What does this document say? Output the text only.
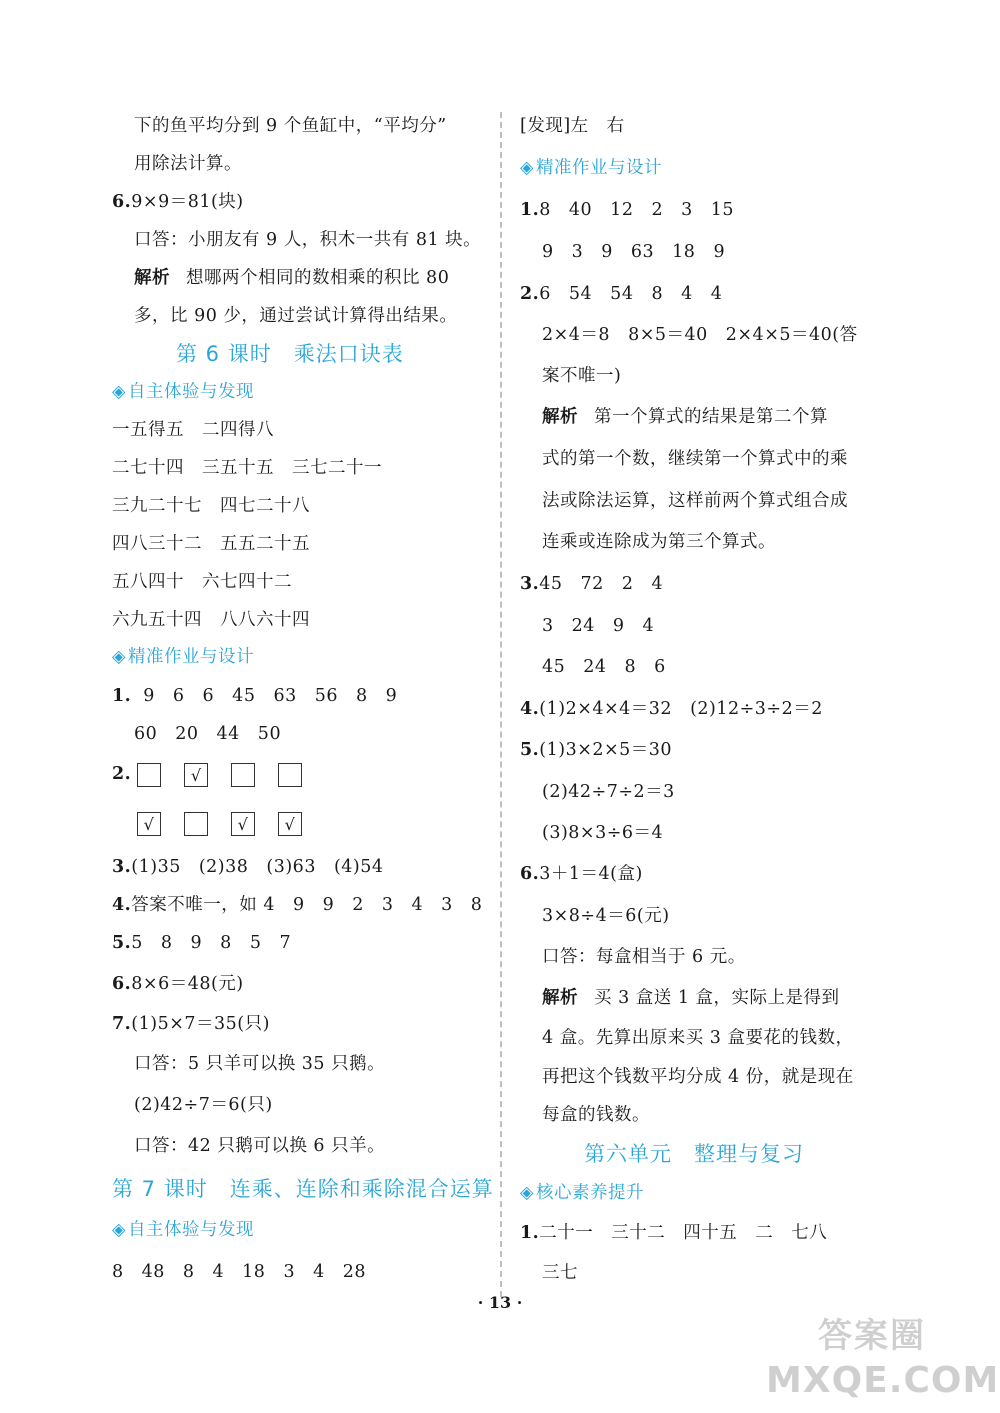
下的鱼平均分到 9 个鱼缸中，“平均分”
用除法计算。
6.9×9＝81(块)
口答：小朋友有 9 人，积木一共有 81 块。
解析 想哪两个相同的数相乘的积比 80
多，比 90 少，通过尝试计算得出结果。
第 6 课时　乘法口诀表
◈ 自主体验与发现
一五得五　二四得八
二七十四　三五十五　三七二十一
三九二十七　四七二十八
四八三十二　五五二十五
五八四十　六七四十二
六九五十四　八八六十四
◈ 精准作业与设计
1. 9　6　6　45　63　56　8　9
60　20　44　50
2.	√
√	√ √
3.(1)35　(2)38　(3)63　(4)54
4.答案不唯一，如 4　9　9　2　3　4　3　8
5.5　8　9　8　5　7
6.8×6＝48(元)
7.(1)5×7＝35(只)
口答：5 只羊可以换 35 只鹅。
(2)42÷7＝6(只)
口答：42 只鹅可以换 6 只羊。
第 7 课时　连乘、连除和乘除混合运算
◈ 自主体验与发现
8　48　8　4　18　3　4　28
[发现]左　右
◈ 精准作业与设计
1.8　40　12　2　3　15
9　3　9　63　18　9
2.6　54　54　8　4　4
2×4＝8　8×5＝40　2×4×5＝40(答
案不唯一)
解析 第一个算式的结果是第二个算
式的第一个数，继续第一个算式中的乘
法或除法运算，这样前两个算式组合成
连乘或连除成为第三个算式。
3.45　72　2　4
3　24　9　4
45　24　8　6
4.(1)2×4×4＝32　(2)12÷3÷2＝2
5.(1)3×2×5＝30
(2)42÷7÷2＝3
(3)8×3÷6＝4
6.3＋1＝4(盒)
3×8÷4＝6(元)
口答：每盒相当于 6 元。
解析 买 3 盒送 1 盒，实际上是得到
4 盒。先算出原来买 3 盒要花的钱数，
再把这个钱数平均分成 4 份，就是现在
每盒的钱数。
第六单元　整理与复习
◈ 核心素养提升
1.二十一　三十二　四十五　二　七八
三七
· 13 ·
答案圈
MXQE.COM
